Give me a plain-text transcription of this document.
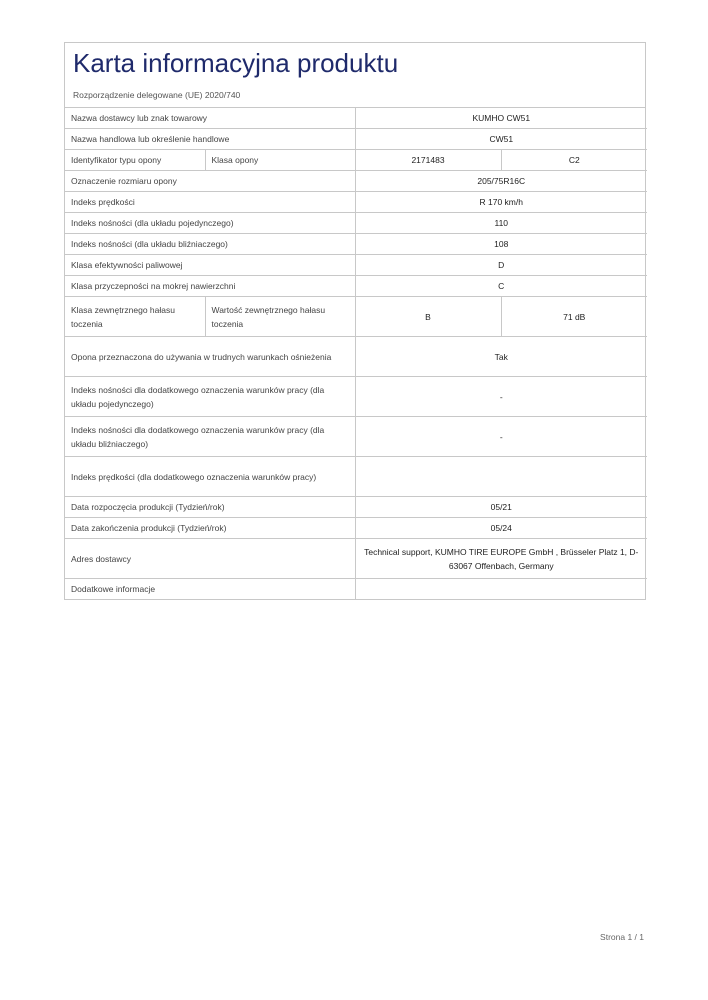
Karta informacyjna produktu
Rozporządzenie delegowane (UE) 2020/740
Nazwa dostawcy lub znak towarowy		KUMHO CW51	
Nazwa handlowa lub określenie handlowe		CW51	
Identyfikator typu opony	Klasa opony	2171483	C2
Oznaczenie rozmiaru opony		205/75R16C	
Indeks prędkości		R 170 km/h	
Indeks nośności (dla układu pojedynczego)		110	
Indeks nośności (dla układu bliźniaczego)		108	
Klasa efektywności paliwowej		D	
Klasa przyczepności na mokrej nawierzchni		C	
Klasa zewnętrznego hałasu toczenia	Wartość zewnętrznego hałasu toczenia	B	71 dB
Opona przeznaczona do używania w trudnych warunkach ośnieżenia		Tak	
Indeks nośności dla dodatkowego oznaczenia warunków pracy (dla układu pojedynczego)		-	
Indeks nośności dla dodatkowego oznaczenia warunków pracy (dla układu bliźniaczego)		-	
Indeks prędkości (dla dodatkowego oznaczenia warunków pracy)			
Data rozpoczęcia produkcji (Tydzień/rok)		05/21	
Data zakończenia produkcji (Tydzień/rok)		05/24	
Adres dostawcy		Technical support, KUMHO TIRE EUROPE GmbH , Brüsseler Platz 1, D-63067 Offenbach, Germany	
Dodatkowe informacje			
Strona 1 / 1
